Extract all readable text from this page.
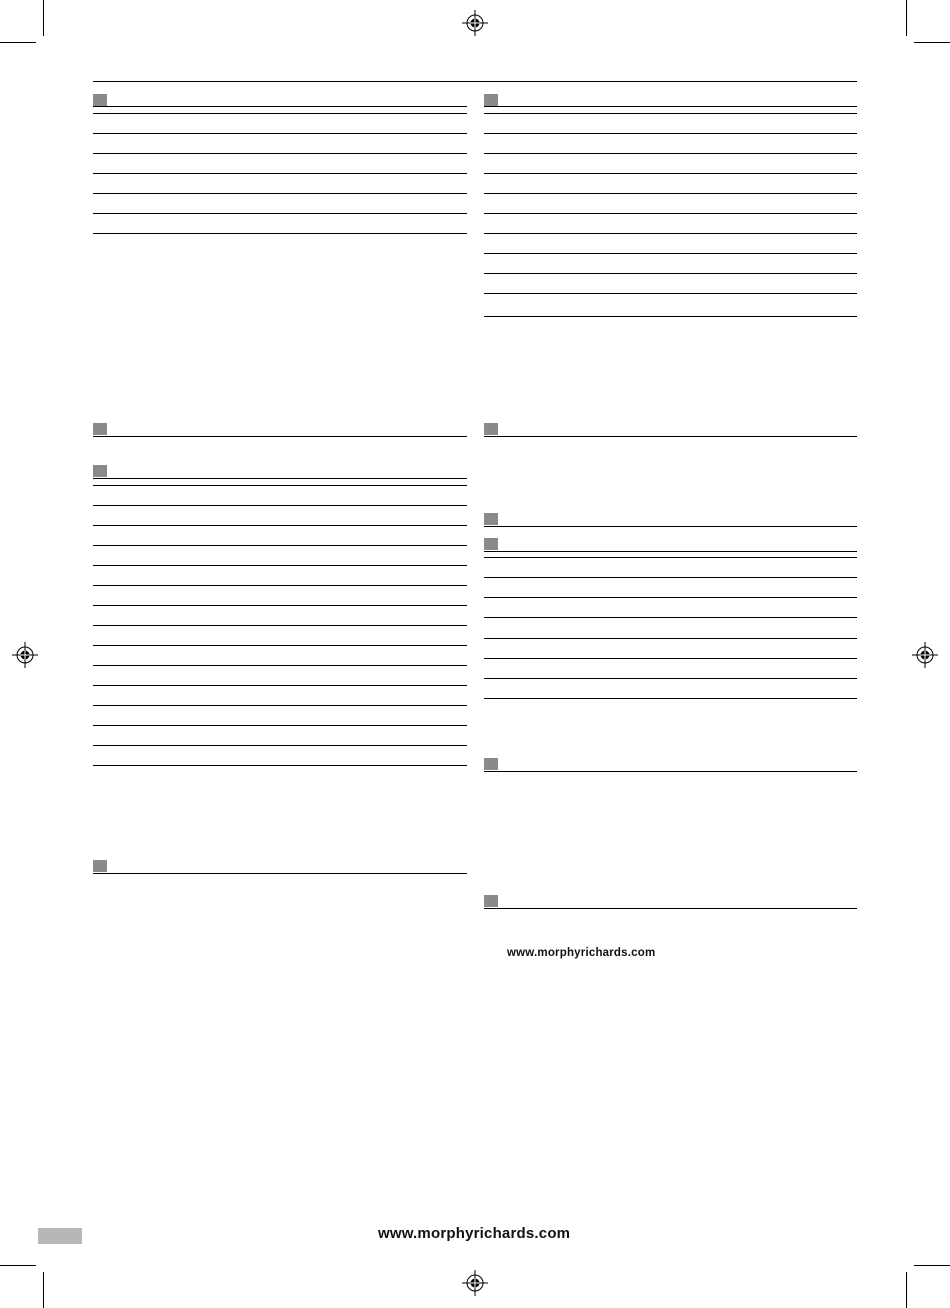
www.morphyrichards.com
www.morphyrichards.com
